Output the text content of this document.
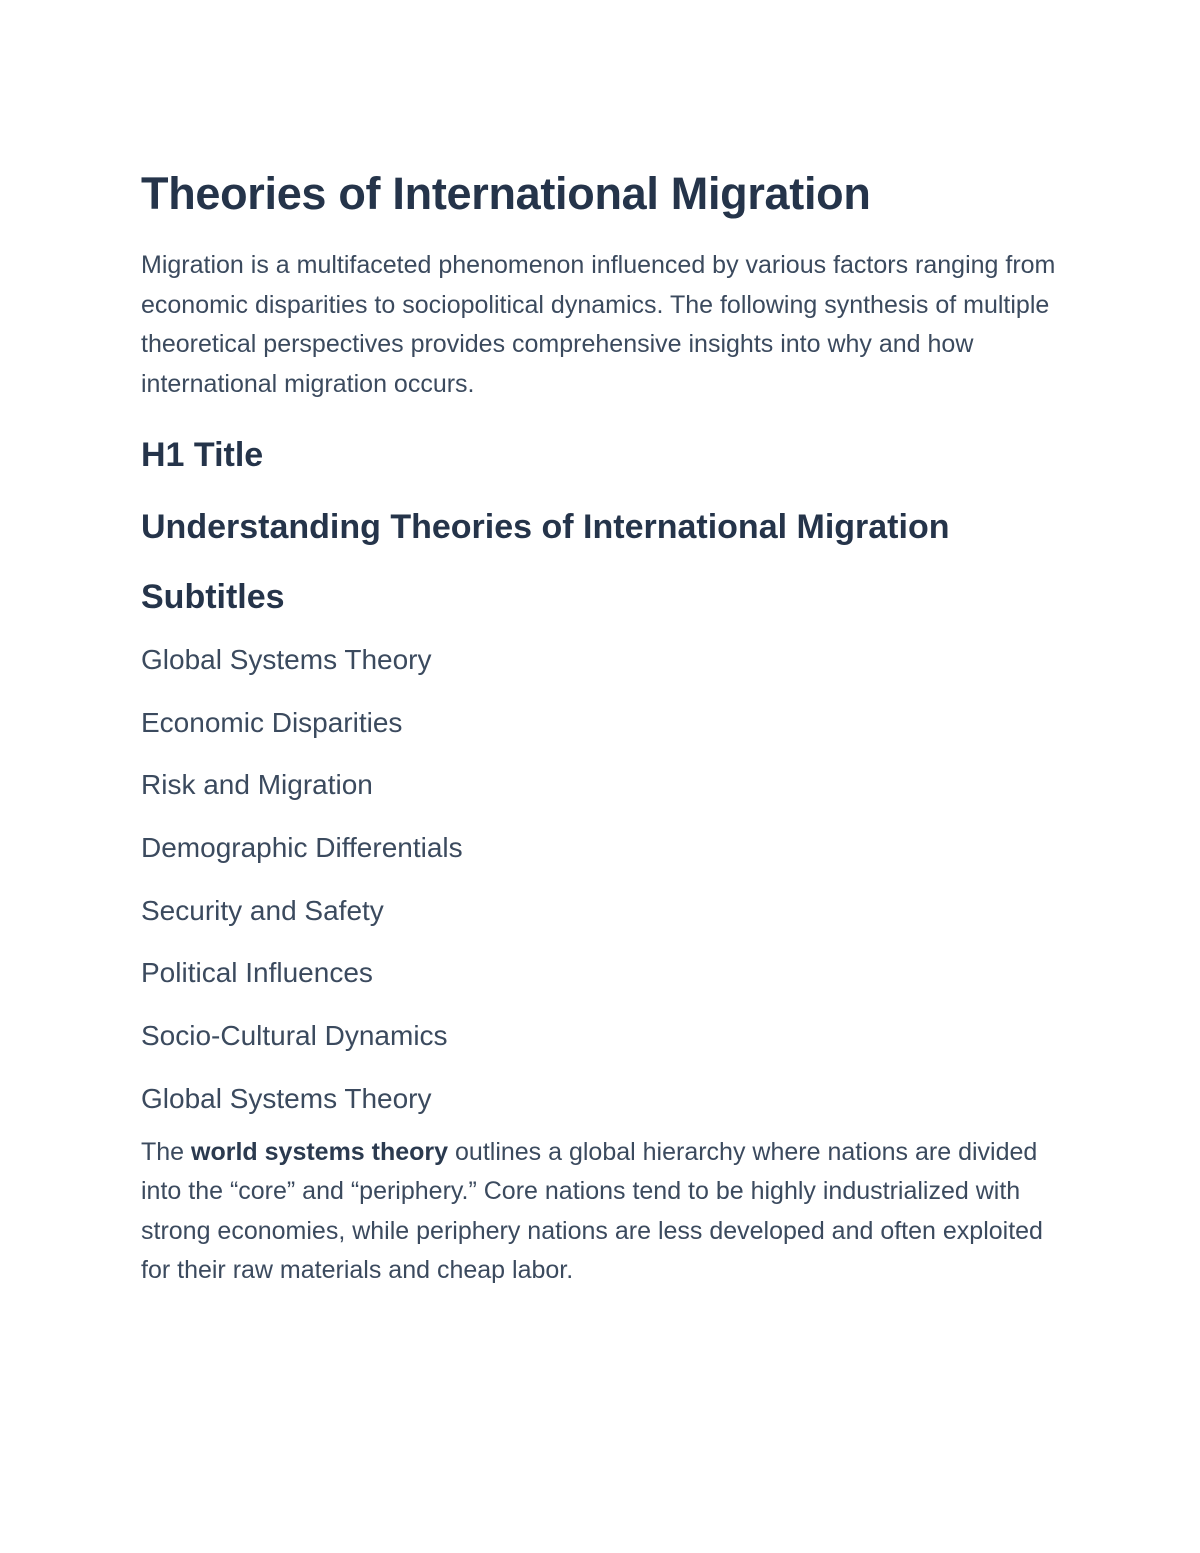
Theories of International Migration

Migration is a multifaceted phenomenon influenced by various factors ranging from economic disparities to sociopolitical dynamics. The following synthesis of multiple theoretical perspectives provides comprehensive insights into why and how international migration occurs.

H1 Title
Understanding Theories of International Migration
Subtitles
Global Systems Theory
Economic Disparities
Risk and Migration
Demographic Differentials
Security and Safety
Political Influences
Socio-Cultural Dynamics
Global Systems Theory

The world systems theory outlines a global hierarchy where nations are divided into the “core” and “periphery.” Core nations tend to be highly industrialized with strong economies, while periphery nations are less developed and often exploited for their raw materials and cheap labor.
